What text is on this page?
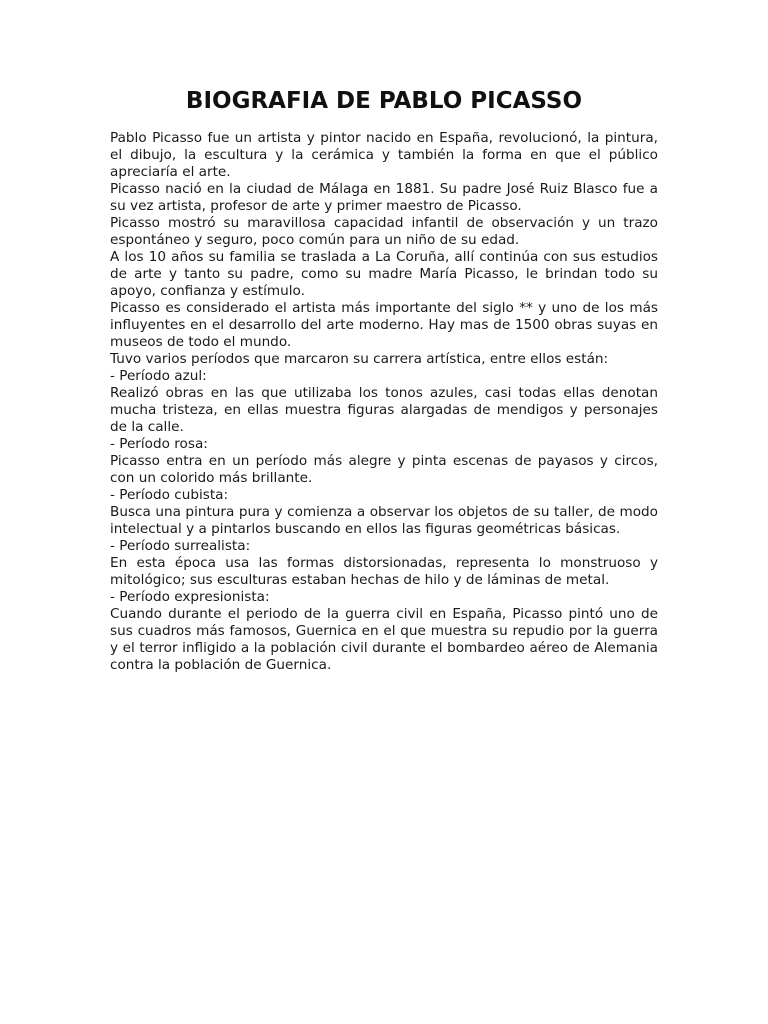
BIOGRAFIA DE PABLO PICASSO

Pablo Picasso fue un artista y pintor nacido en España, revolucionó, la pintura, el dibujo, la escultura y la cerámica y también la forma en que el público apreciaría el arte.

Picasso nació en la ciudad de Málaga en 1881. Su padre José Ruiz Blasco fue a su vez artista, profesor de arte y primer maestro de Picasso.

Picasso mostró su maravillosa capacidad infantil de observación y un trazo espontáneo y seguro, poco común para un niño de su edad.

A los 10 años su familia se traslada a La Coruña, allí continúa con sus estudios de arte y tanto su padre, como su madre María Picasso, le brindan todo su apoyo, confianza y estímulo.

Picasso es considerado el artista más importante del siglo ** y uno de los más influyentes en el desarrollo del arte moderno. Hay mas de 1500 obras suyas en museos de todo el mundo.

Tuvo varios períodos que marcaron su carrera artística, entre ellos están:

- Período azul:

Realizó obras en las que utilizaba los tonos azules, casi todas ellas denotan mucha tristeza, en ellas muestra figuras alargadas de mendigos y personajes de la calle.

- Período rosa:

Picasso entra en un período más alegre y pinta escenas de payasos y circos, con un colorido más brillante.

- Período cubista:

Busca una pintura pura y comienza a observar los objetos de su taller, de modo intelectual y a pintarlos buscando en ellos las figuras geométricas básicas.

- Período surrealista:

En esta época usa las formas distorsionadas, representa lo monstruoso y mitológico; sus esculturas estaban hechas de hilo y de láminas de metal.

- Período expresionista:

Cuando durante el periodo de la guerra civil en España, Picasso pintó uno de sus cuadros más famosos, Guernica en el que muestra su repudio por la guerra y el terror infligido a la población civil durante el bombardeo aéreo de Alemania contra la población de Guernica.
